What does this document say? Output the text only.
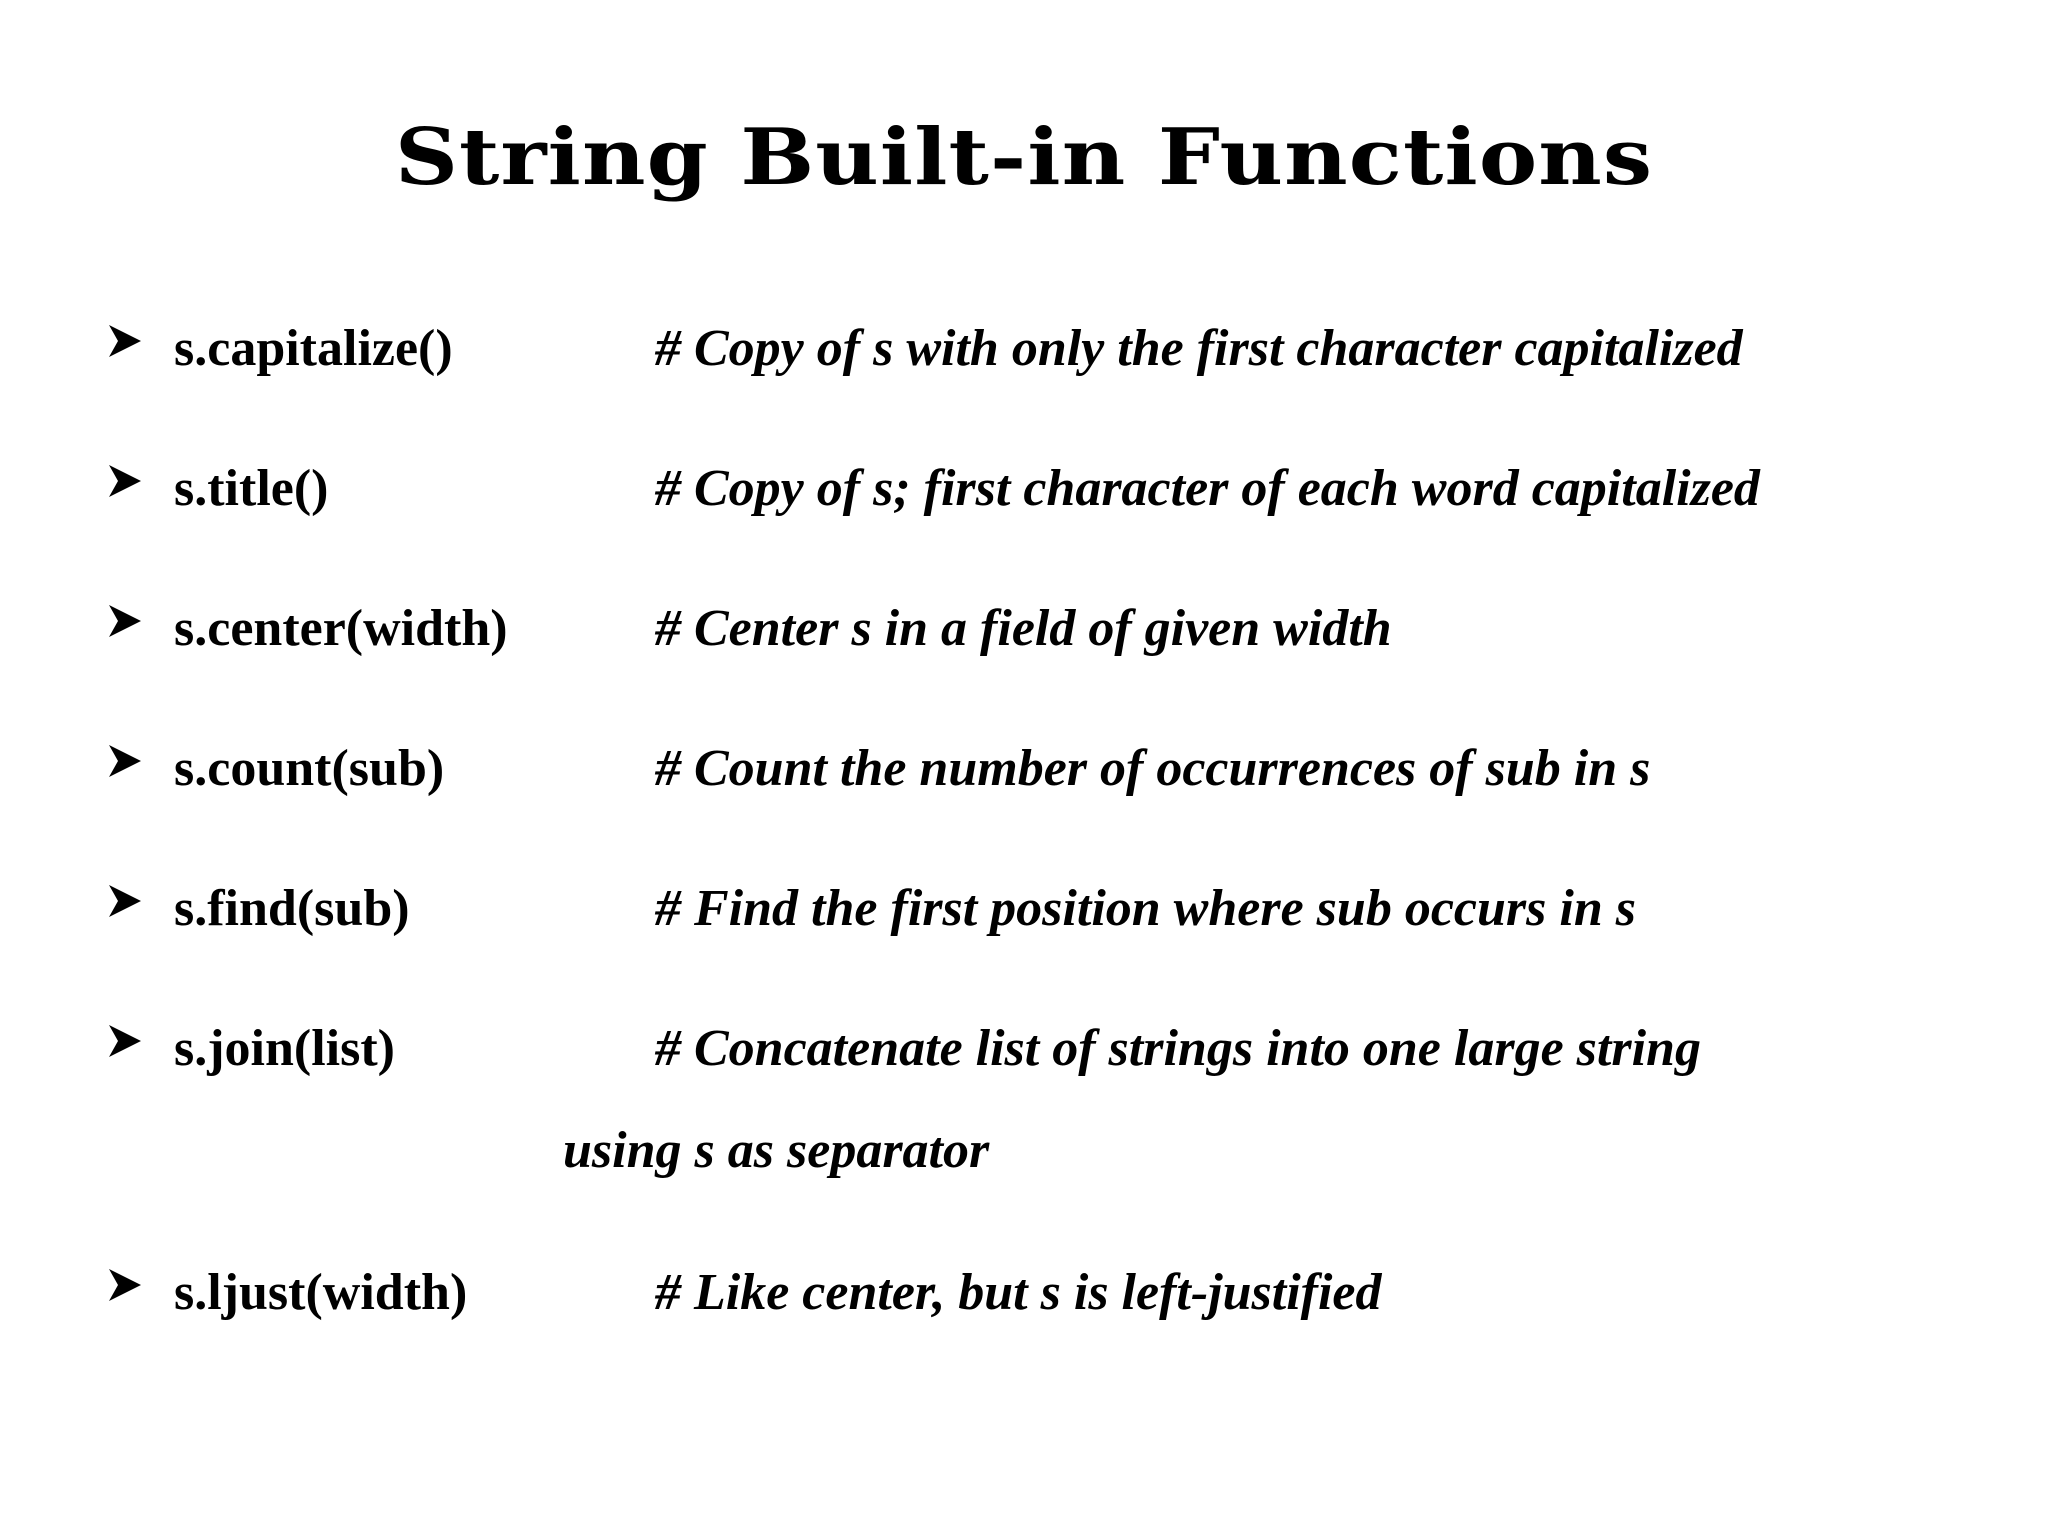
String Built-in Functions
s.capitalize()	# Copy of s with only the first character capitalized
s.title()	# Copy of s; first character of each word capitalized
s.center(width)	# Center s in a field of given width
s.count(sub)	# Count the number of occurrences of sub in s
s.find(sub)	# Find the first position where sub occurs in s
s.join(list)	# Concatenate list of strings into one large string
using s as separator
s.ljust(width)	# Like center, but s is left-justified
